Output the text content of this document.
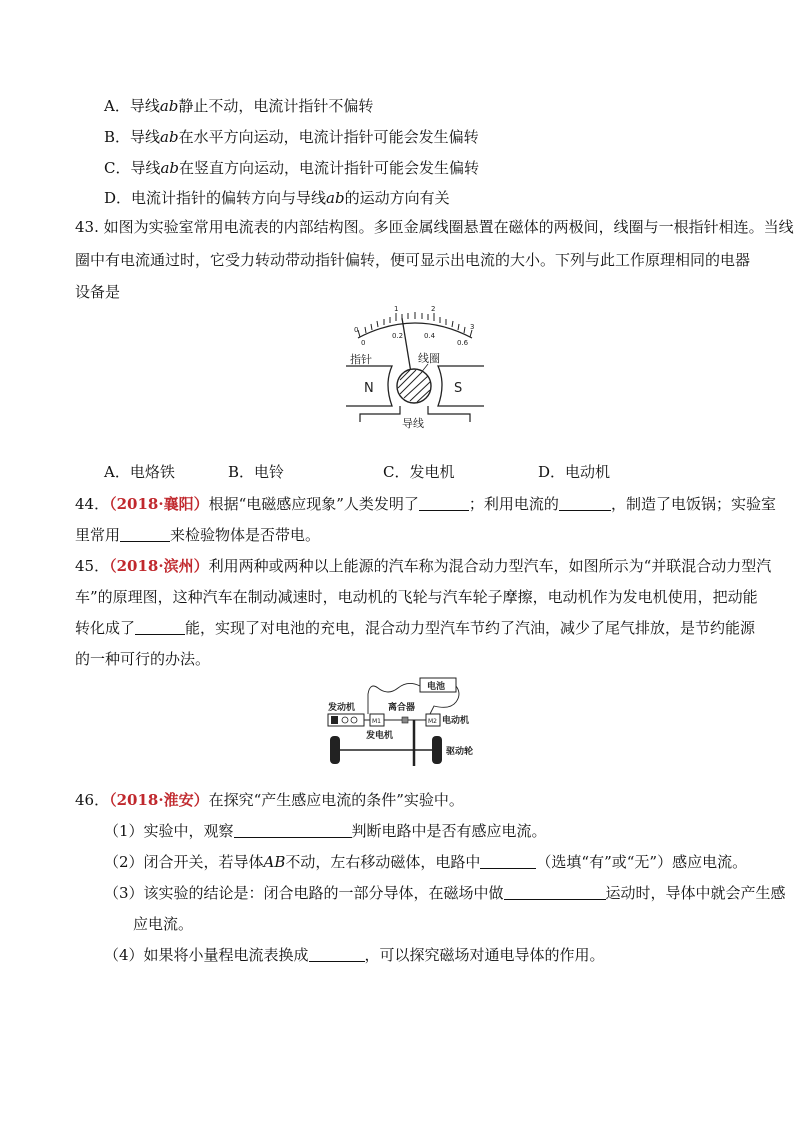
A．导线ab静止不动，电流计指针不偏转
B．导线ab在水平方向运动，电流计指针可能会发生偏转
C．导线ab在竖直方向运动，电流计指针可能会发生偏转
D．电流计指针的偏转方向与导线ab的运动方向有关
43. 如图为实验室常用电流表的内部结构图。多匝金属线圈悬置在磁体的两极间，线圈与一根指针相连。当线
圈中有电流通过时，它受力转动带动指针偏转，便可显示出电流的大小。下列与此工作原理相同的电器
设备是
0
1	2
3
0
0.2	0.4
0.6
指针	线圈
N	S
导线
A．电烙铁	B．电铃	C．发电机	D．电动机
44．（2018·襄阳）根据“电磁感应现象”人类发明了	；利用电流的	，制造了电饭锅；实验室
里常用	来检验物体是否带电。
45．（2018·滨州）利用两种或两种以上能源的汽车称为混合动力型汽车，如图所示为“并联混合动力型汽
车”的原理图，这种汽车在制动减速时，电动机的飞轮与汽车轮子摩擦，电动机作为发电机使用，把动能
转化成了	能，实现了对电池的充电，混合动力型汽车节约了汽油，减少了尾气排放，是节约能源
的一种可行的办法。
电池
发动机
M1
离合器
M2 电动机
发电机
驱动轮
46．（2018·淮安）在探究“产生感应电流的条件”实验中。
（1）实验中，观察	判断电路中是否有感应电流。
（2）闭合开关，若导体AB不动，左右移动磁体，电路中	（选填“有”或“无”）感应电流。
（3）该实验的结论是：闭合电路的一部分导体，在磁场中做	运动时，导体中就会产生感
应电流。
（4）如果将小量程电流表换成	，可以探究磁场对通电导体的作用。
